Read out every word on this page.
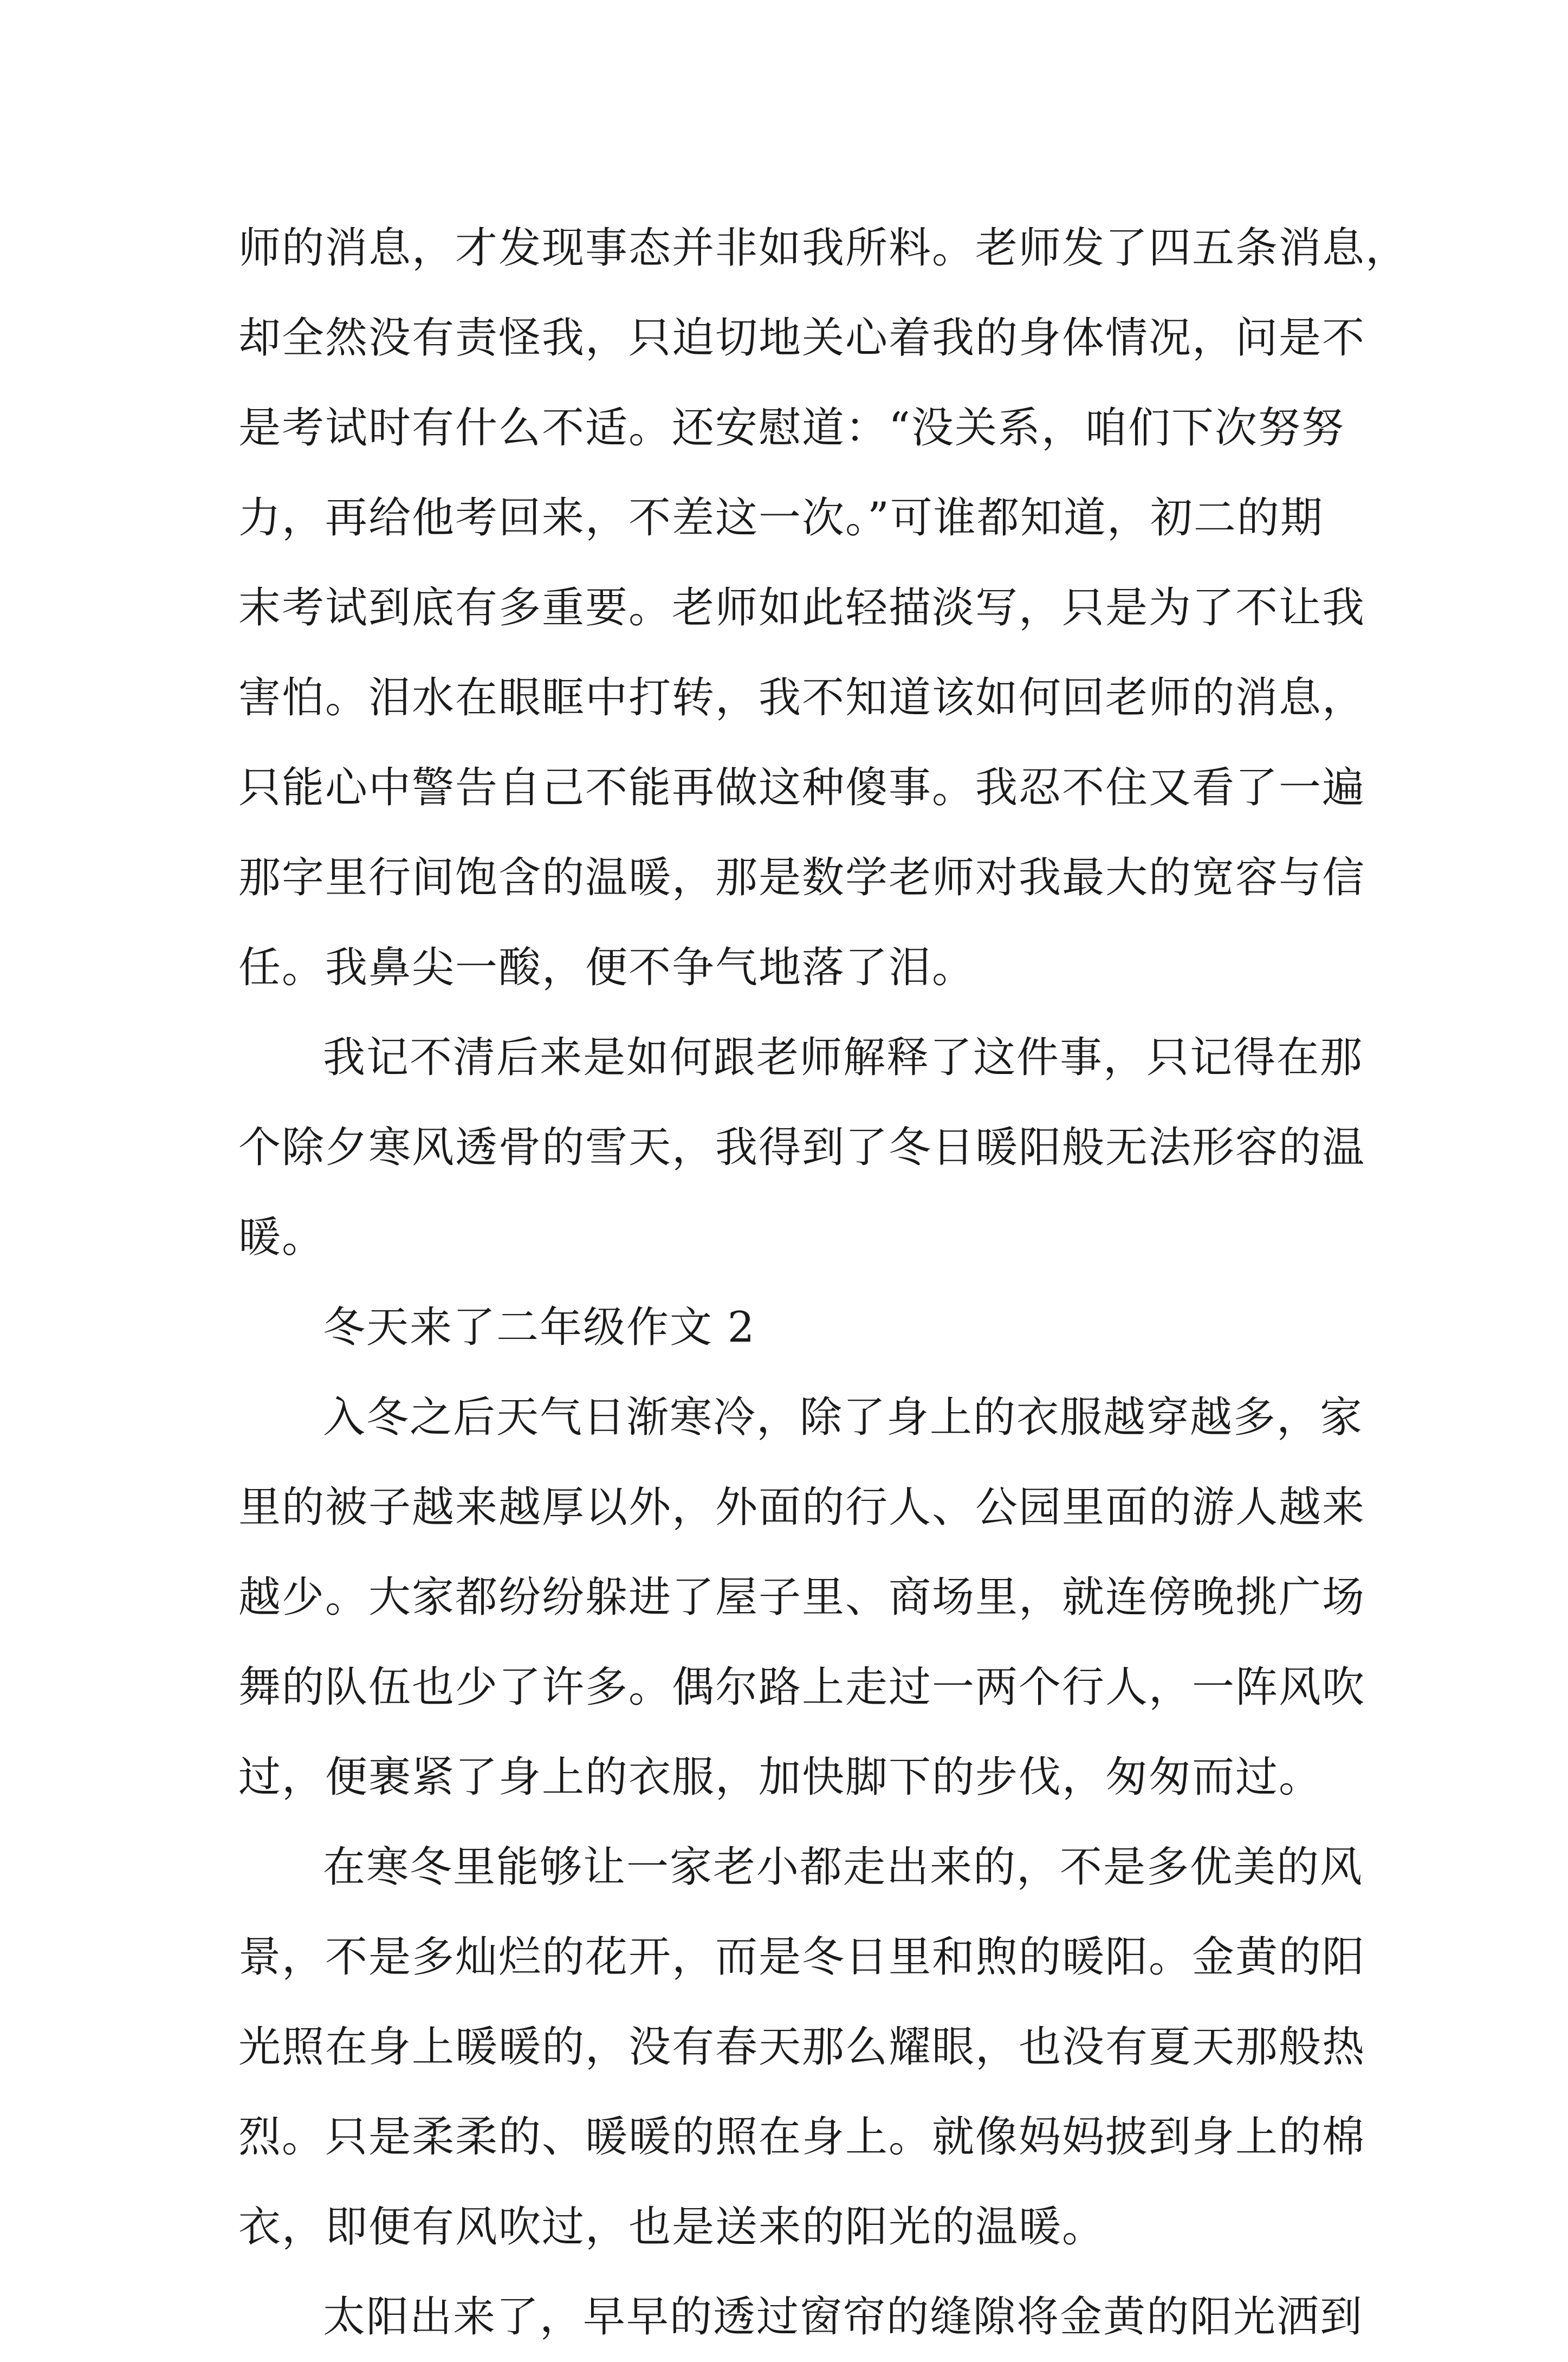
师的消息，才发现事态并非如我所料。老师发了四五条消息，
却全然没有责怪我，只迫切地关心着我的身体情况，问是不
是考试时有什么不适。还安慰道：“没关系，咱们下次努努
力，再给他考回来，不差这一次。”可谁都知道，初二的期
末考试到底有多重要。老师如此轻描淡写，只是为了不让我
害怕。泪水在眼眶中打转，我不知道该如何回老师的消息，
只能心中警告自己不能再做这种傻事。我忍不住又看了一遍
那字里行间饱含的温暖，那是数学老师对我最大的宽容与信
任。我鼻尖一酸，便不争气地落了泪。
我记不清后来是如何跟老师解释了这件事，只记得在那
个除夕寒风透骨的雪天，我得到了冬日暖阳般无法形容的温
暖。
冬天来了二年级作文 2
入冬之后天气日渐寒冷，除了身上的衣服越穿越多，家
里的被子越来越厚以外，外面的行人、公园里面的游人越来
越少。大家都纷纷躲进了屋子里、商场里，就连傍晚挑广场
舞的队伍也少了许多。偶尔路上走过一两个行人，一阵风吹
过，便裹紧了身上的衣服，加快脚下的步伐，匆匆而过。
在寒冬里能够让一家老小都走出来的，不是多优美的风
景，不是多灿烂的花开，而是冬日里和煦的暖阳。金黄的阳
光照在身上暖暖的，没有春天那么耀眼，也没有夏天那般热
烈。只是柔柔的、暖暖的照在身上。就像妈妈披到身上的棉
衣，即便有风吹过，也是送来的阳光的温暖。
太阳出来了，早早的透过窗帘的缝隙将金黄的阳光洒到
